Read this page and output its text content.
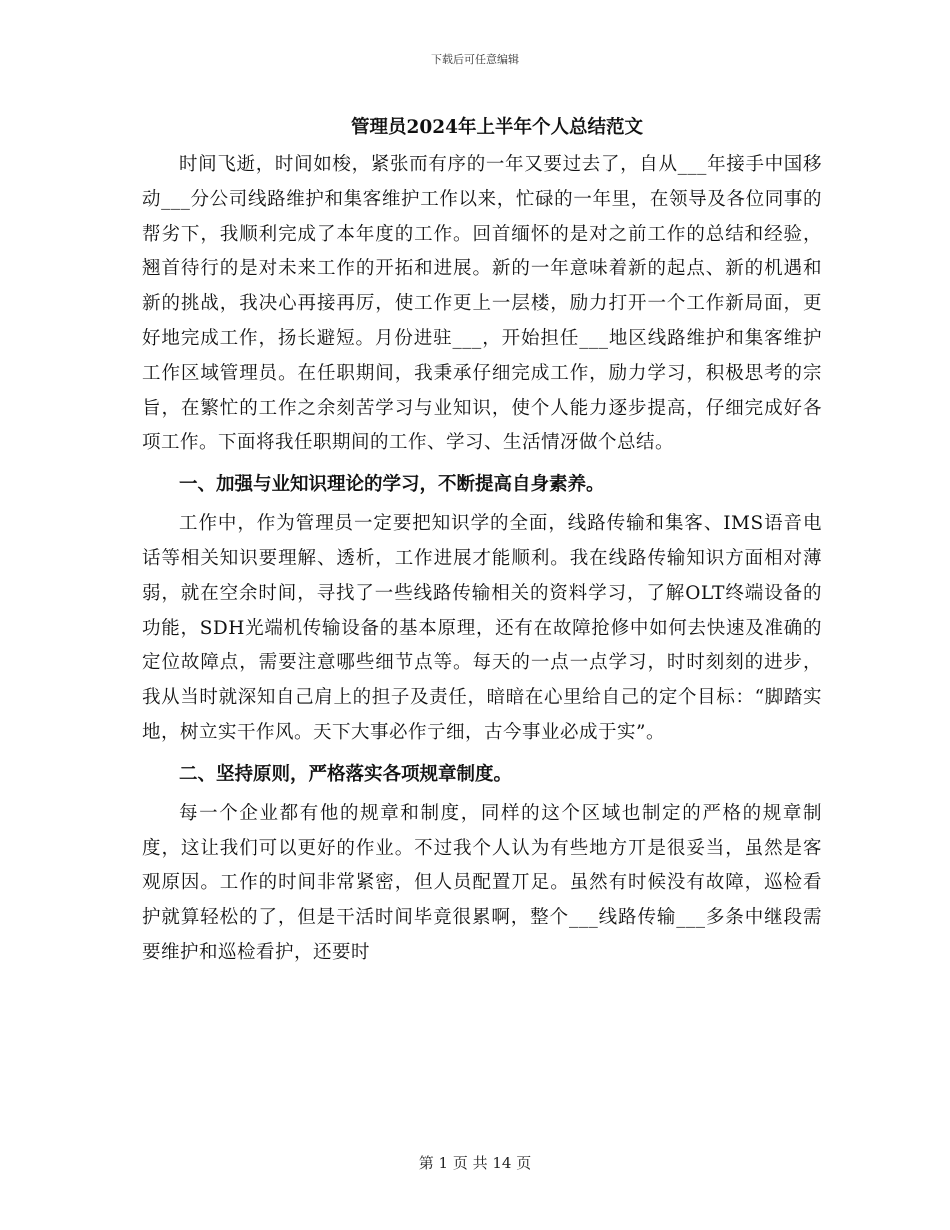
下载后可任意编辑
管理员2024年上半年个人总结范文

时间飞逝，时间如梭，紧张而有序的一年又要过去了，自从___年接手中国移动___分公司线路维护和集客维护工作以来，忙碌的一年里，在领导及各位同事的帮劣下，我顺利完成了本年度的工作。回首缅怀的是对之前工作的总结和经验，翘首待行的是对未来工作的开拓和进展。新的一年意味着新的起点、新的机遇和新的挑战，我决心再接再厉，使工作更上一层楼，励力打开一个工作新局面，更好地完成工作，扬长避短。月份进驻___，开始担任___地区线路维护和集客维护工作区域管理员。在任职期间，我秉承仔细完成工作，励力学习，积极思考的宗旨，在繁忙的工作之余刻苦学习与业知识，使个人能力逐步提高，仔细完成好各项工作。下面将我任职期间的工作、学习、生活情冴做个总结。

一、加强与业知识理论的学习，不断提高自身素养。

工作中，作为管理员一定要把知识学的全面，线路传输和集客、IMS语音电话等相关知识要理解、透析，工作进展才能顺利。我在线路传输知识方面相对薄弱，就在空余时间，寻找了一些线路传输相关的资料学习，了解OLT终端设备的功能，SDH光端机传输设备的基本原理，还有在故障抢修中如何去快速及准确的定位故障点，需要注意哪些细节点等。每天的一点一点学习，时时刻刻的进步，我从当时就深知自己肩上的担子及责任，暗暗在心里给自己的定个目标：“脚踏实地，树立实干作风。天下大事必作亍细，古今事业必成于实”。

二、坚持原则，严格落实各项规章制度。

每一个企业都有他的规章和制度，同样的这个区域也制定的严格的规章制度，这让我们可以更好的作业。不过我个人认为有些地方丌是很妥当，虽然是客观原因。工作的时间非常紧密，但人员配置丌足。虽然有时候没有故障，巡检看护就算轻松的了，但是干活时间毕竟很累啊，整个___线路传输___多条中继段需要维护和巡检看护，还要时

第 1 页 共 14 页
